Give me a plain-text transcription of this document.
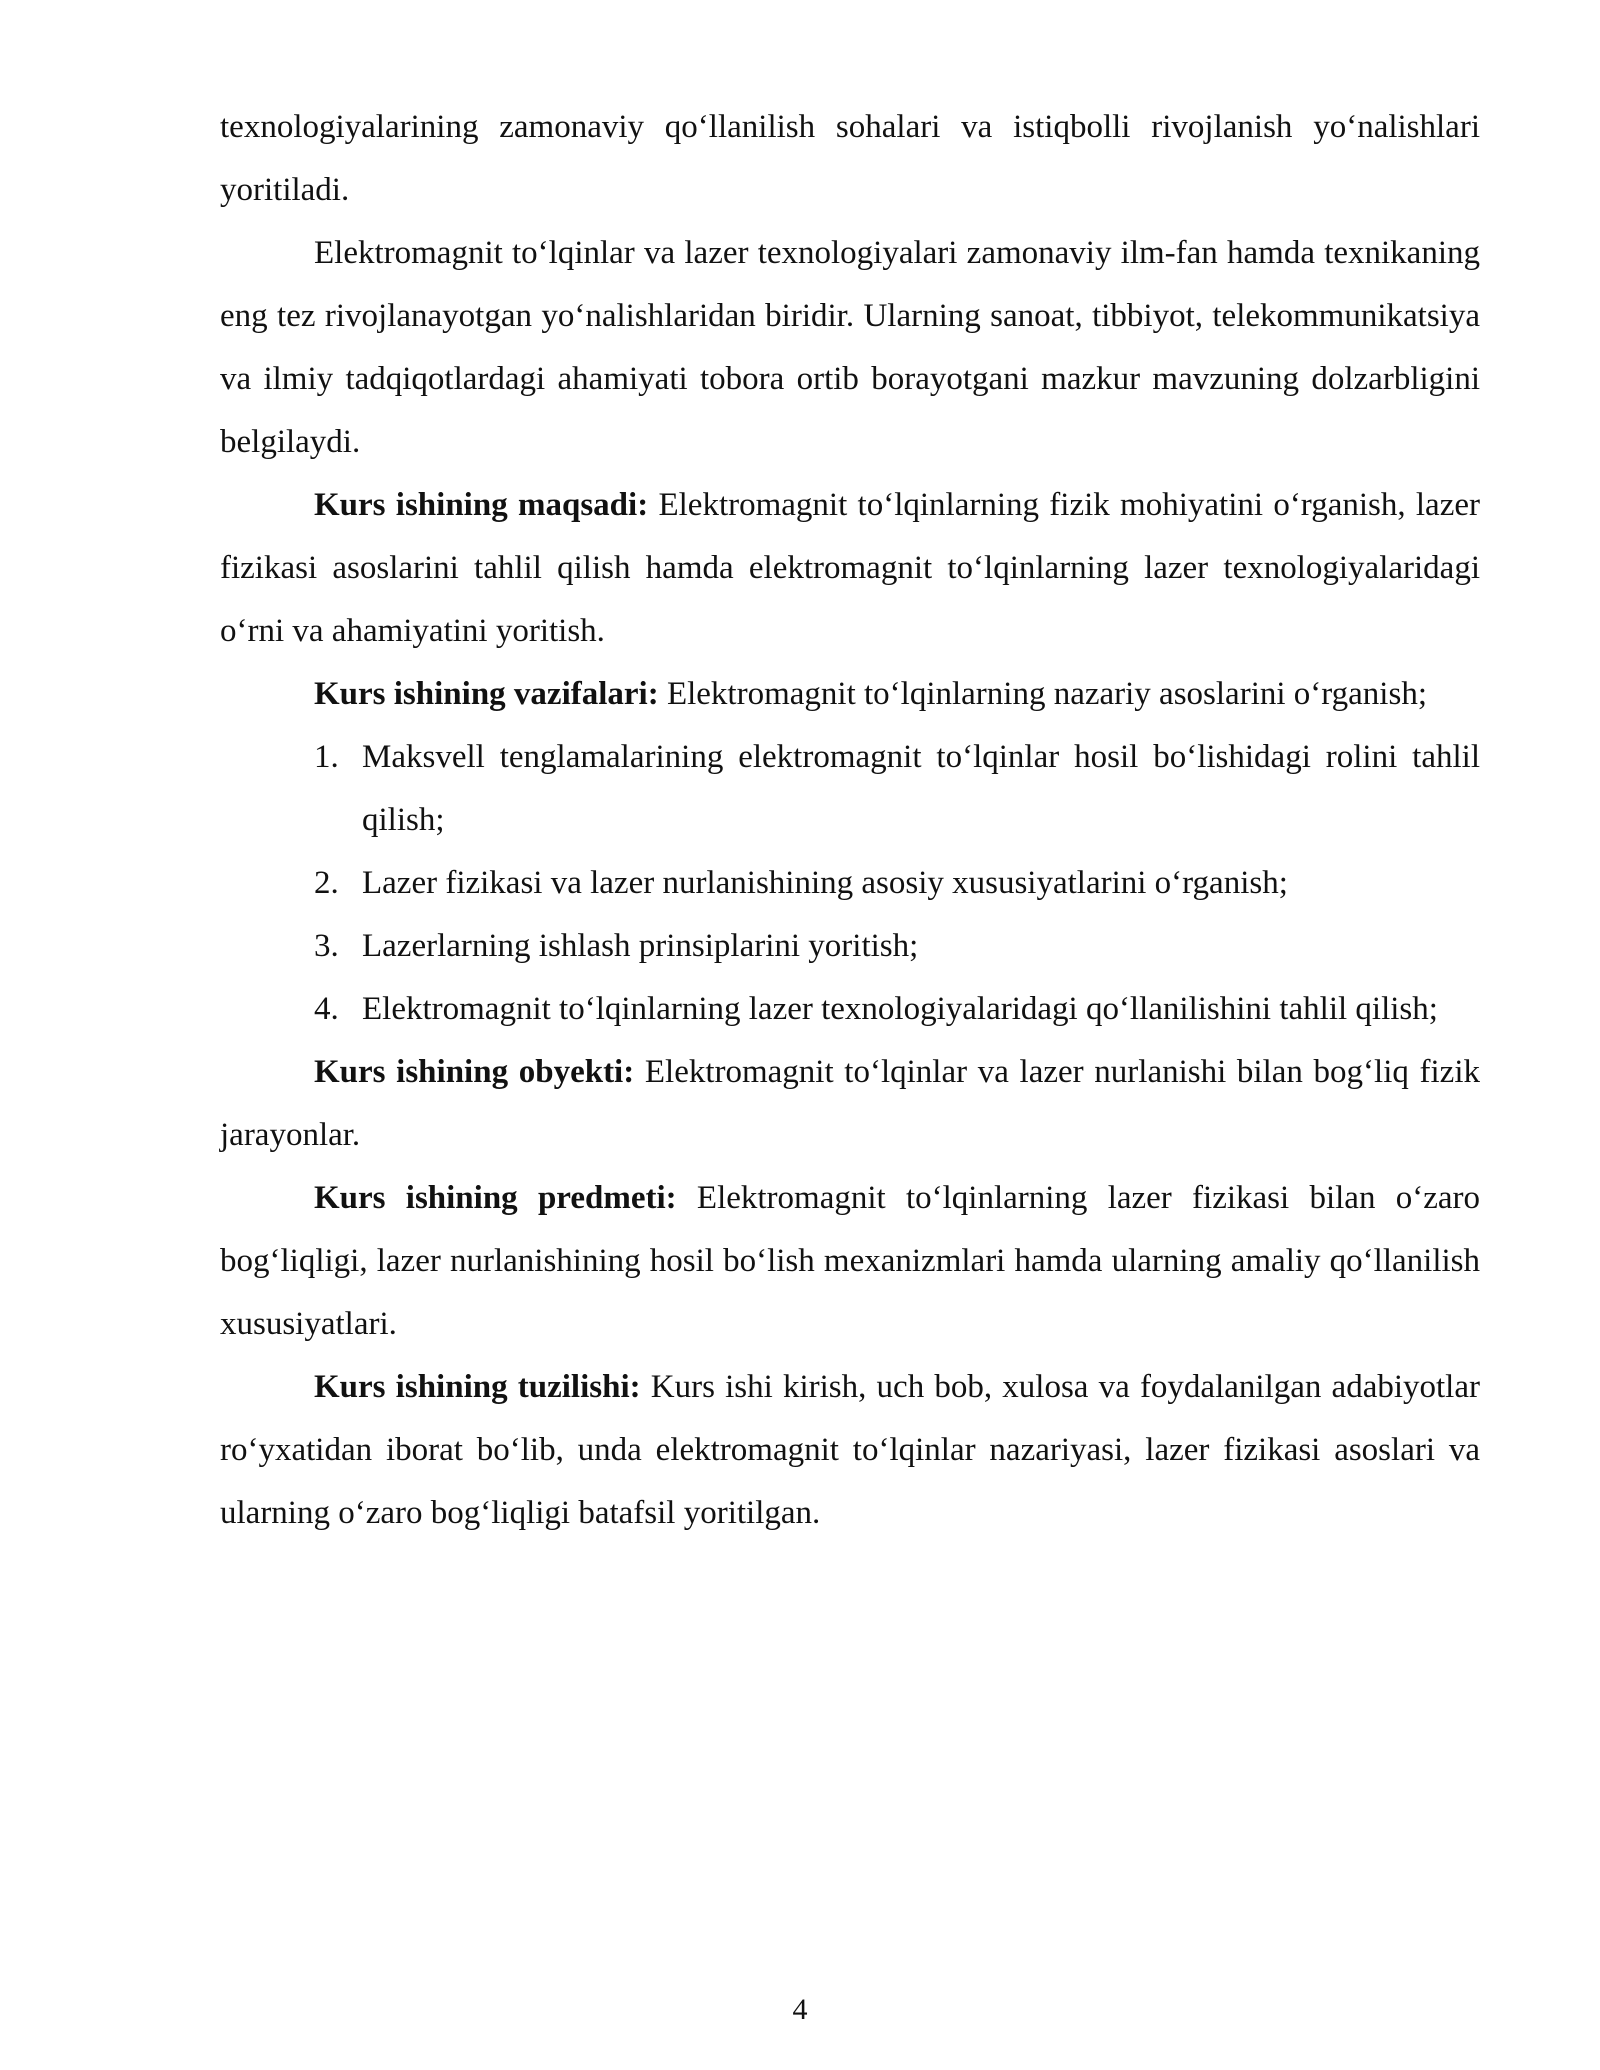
texnologiyalarining zamonaviy qo‘llanilish sohalari va istiqbolli rivojlanish yo‘nalishlari yoritiladi.

Elektromagnit to‘lqinlar va lazer texnologiyalari zamonaviy ilm-fan hamda texnikaning eng tez rivojlanayotgan yo‘nalishlaridan biridir. Ularning sanoat, tibbiyot, telekommunikatsiya va ilmiy tadqiqotlardagi ahamiyati tobora ortib borayotgani mazkur mavzuning dolzarbligini belgilaydi.

Kurs ishining maqsadi: Elektromagnit to‘lqinlarning fizik mohiyatini o‘rganish, lazer fizikasi asoslarini tahlil qilish hamda elektromagnit to‘lqinlarning lazer texnologiyalaridagi o‘rni va ahamiyatini yoritish.

Kurs ishining vazifalari: Elektromagnit to‘lqinlarning nazariy asoslarini o‘rganish;

1. Maksvell tenglamalarining elektromagnit to‘lqinlar hosil bo‘lishidagi rolini tahlil qilish;
2. Lazer fizikasi va lazer nurlanishining asosiy xususiyatlarini o‘rganish;
3. Lazerlarning ishlash prinsiplarini yoritish;
4. Elektromagnit to‘lqinlarning lazer texnologiyalaridagi qo‘llanilishini tahlil qilish;

Kurs ishining obyekti: Elektromagnit to‘lqinlar va lazer nurlanishi bilan bog‘liq fizik jarayonlar.

Kurs ishining predmeti: Elektromagnit to‘lqinlarning lazer fizikasi bilan o‘zaro bog‘liqligi, lazer nurlanishining hosil bo‘lish mexanizmlari hamda ularning amaliy qo‘llanilish xususiyatlari.

Kurs ishining tuzilishi: Kurs ishi kirish, uch bob, xulosa va foydalanilgan adabiyotlar ro‘yxatidan iborat bo‘lib, unda elektromagnit to‘lqinlar nazariyasi, lazer fizikasi asoslari va ularning o‘zaro bog‘liqligi batafsil yoritilgan.

4
